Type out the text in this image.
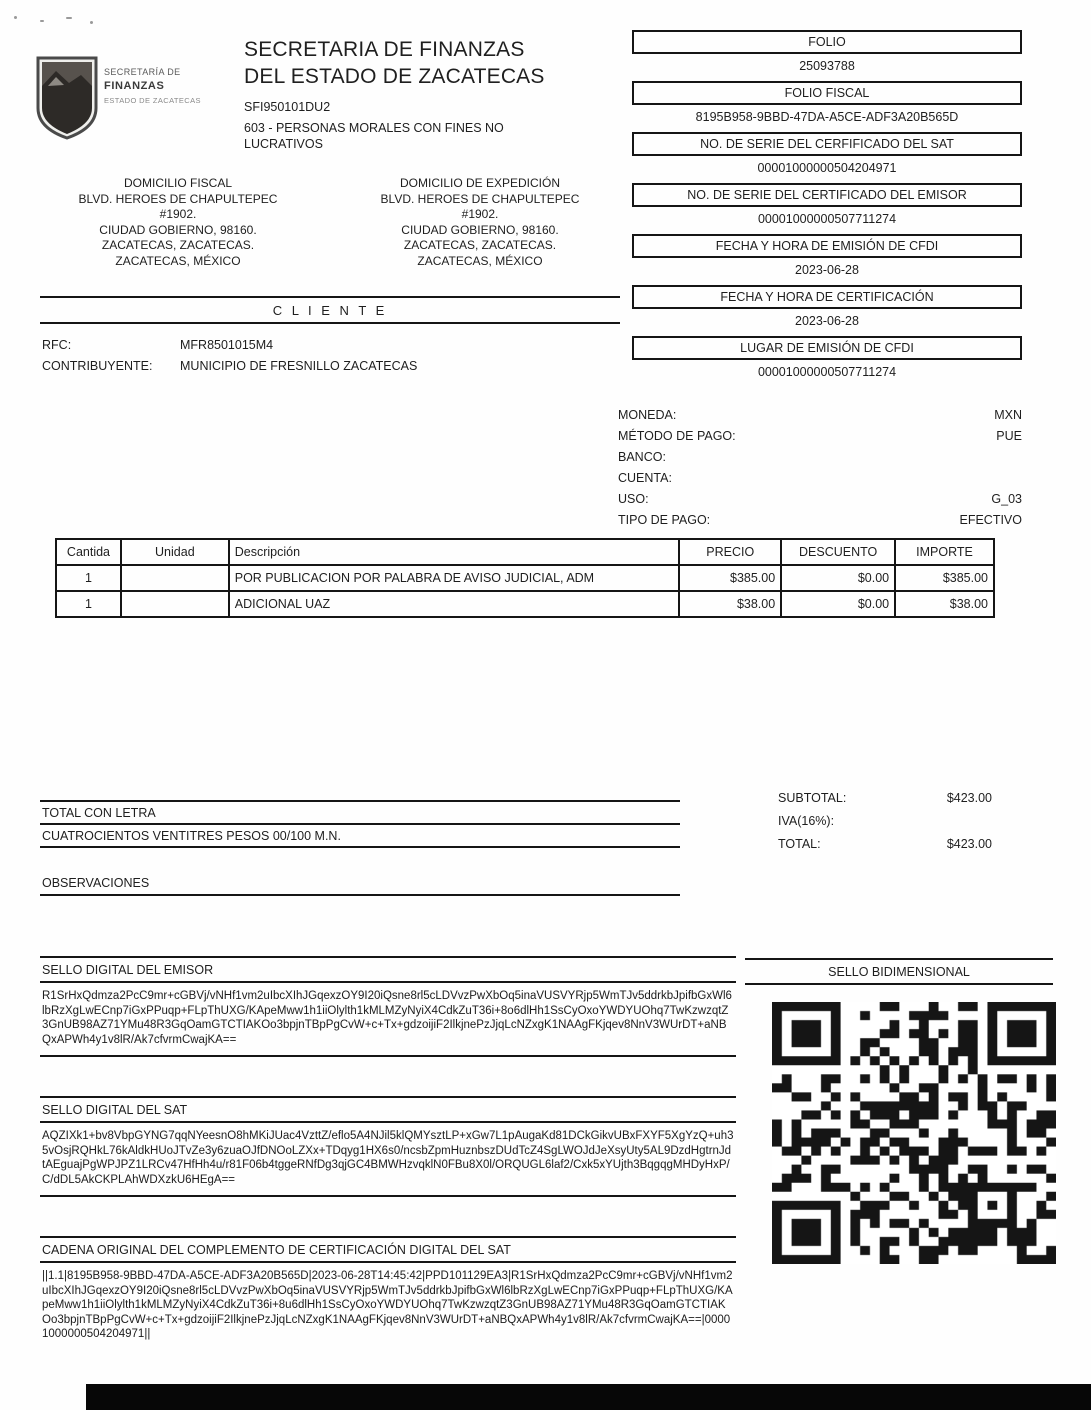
SECRETARÍA DE
FINANZAS
ESTADO DE ZACATECAS
SECRETARIA DE FINANZAS
DEL ESTADO DE ZACATECAS
SFI950101DU2
603 - PERSONAS MORALES CON FINES NO LUCRATIVOS
DOMICILIO FISCAL
BLVD. HEROES DE CHAPULTEPEC
#1902.
CIUDAD GOBIERNO, 98160.
ZACATECAS, ZACATECAS.
ZACATECAS, MÉXICO
DOMICILIO DE EXPEDICIÓN
BLVD. HEROES DE CHAPULTEPEC
#1902.
CIUDAD GOBIERNO, 98160.
ZACATECAS, ZACATECAS.
ZACATECAS, MÉXICO
C L I E N T E
RFC:	MFR8501015M4
CONTRIBUYENTE:	MUNICIPIO DE FRESNILLO ZACATECAS
FOLIO
25093788
FOLIO FISCAL
8195B958-9BBD-47DA-A5CE-ADF3A20B565D
NO. DE SERIE DEL CERFIFICADO DEL SAT
00001000000504204971
NO. DE SERIE DEL CERTIFICADO DEL EMISOR
00001000000507711274
FECHA Y HORA DE EMISIÓN DE CFDI
2023-06-28
FECHA Y HORA DE CERTIFICACIÓN
2023-06-28
LUGAR DE EMISIÓN DE CFDI
00001000000507711274
MONEDA:	MXN
MÉTODO DE PAGO:	PUE
BANCO:
CUENTA:
USO:	G_03
TIPO DE PAGO:	EFECTIVO
Cantida	Unidad	Descripción	PRECIO	DESCUENTO	IMPORTE
1		POR PUBLICACION POR PALABRA DE AVISO JUDICIAL, ADM	$385.00	$0.00	$385.00
1		ADICIONAL UAZ	$38.00	$0.00	$38.00
SUBTOTAL:	$423.00
IVA(16%):
TOTAL:	$423.00
TOTAL CON LETRA
CUATROCIENTOS VENTITRES PESOS 00/100 M.N.
OBSERVACIONES
SELLO DIGITAL DEL EMISOR
R1SrHxQdmza2PcC9mr+cGBVj/vNHf1vm2uIbcXIhJGqexzOY9I20iQsne8rl5cLDVvzPwXbOq5inaVUSVYRjp5WmTJv5ddrkbJpifbGxWl6lbRzXgLwECnp7iGxPPuqp+FLpThUXG/KApeMww1h1iiOlylth1kMLMZyNyiX4CdkZuT36i+8o6dlHh1SsCyOxoYWDYUOhq7TwKzwzqtZ3GnUB98AZ71YMu48R3GqOamGTCTIAKOo3bpjnTBpPgCvW+c+Tx+gdzoijiF2IlkjnePzJjqLcNZxgK1NAAgFKjqev8NnV3WUrDT+aNBQxAPWh4y1v8lR/Ak7cfvrmCwajKA==
SELLO DIGITAL DEL SAT
AQZIXk1+bv8VbpGYNG7qqNYeesnO8hMKiJUac4VzttZ/eflo5A4NJil5klQMYsztLP+xGw7L1pAugaKd81DCkGikvUBxFXYF5XgYzQ+uh35vOsjRQHkL76kAldkHUoJTvZe3y6zuaOJfDNOoLZXx+TDqyg1HX6s0/ncsbZpmHuznbszDUdTcZ4SgLWOJdJeXsyUty5AL9DzdHgtrnJdtAEguajPgWPJPZ1LRCv47HfHh4u/r81F06b4tggeRNfDg3qjGC4BMWHzvqklN0FBu8X0l/ORQUGL6laf2/Cxk5xYUjth3BqgqgMHDyHxP/C/dDL5AkCKPLAhWDXzkU6HEgA==
CADENA ORIGINAL DEL COMPLEMENTO DE CERTIFICACIÓN DIGITAL DEL SAT
||1.1|8195B958-9BBD-47DA-A5CE-ADF3A20B565D|2023-06-28T14:45:42|PPD101129EA3|R1SrHxQdmza2PcC9mr+cGBVj/vNHf1vm2uIbcXIhJGqexzOY9I20iQsne8rl5cLDVvzPwXbOq5inaVUSVYRjp5WmTJv5ddrkbJpifbGxWl6lbRzXgLwECnp7iGxPPuqp+FLpThUXG/KApeMww1h1iiOlylth1kMLMZyNyiX4CdkZuT36i+8u6dlHh1SsCyOxoYWDYUOhq7TwKzwzqtZ3GnUB98AZ71YMu48R3GqOamGTCTIAKOo3bpjnTBpPgCvW+c+Tx+gdzoijiF2IlkjnePzJjqLcNZxgK1NAAgFKjqev8NnV3WUrDT+aNBQxAPWh4y1v8lR/Ak7cfvrmCwajKA==|00001000000504204971||
SELLO BIDIMENSIONAL
